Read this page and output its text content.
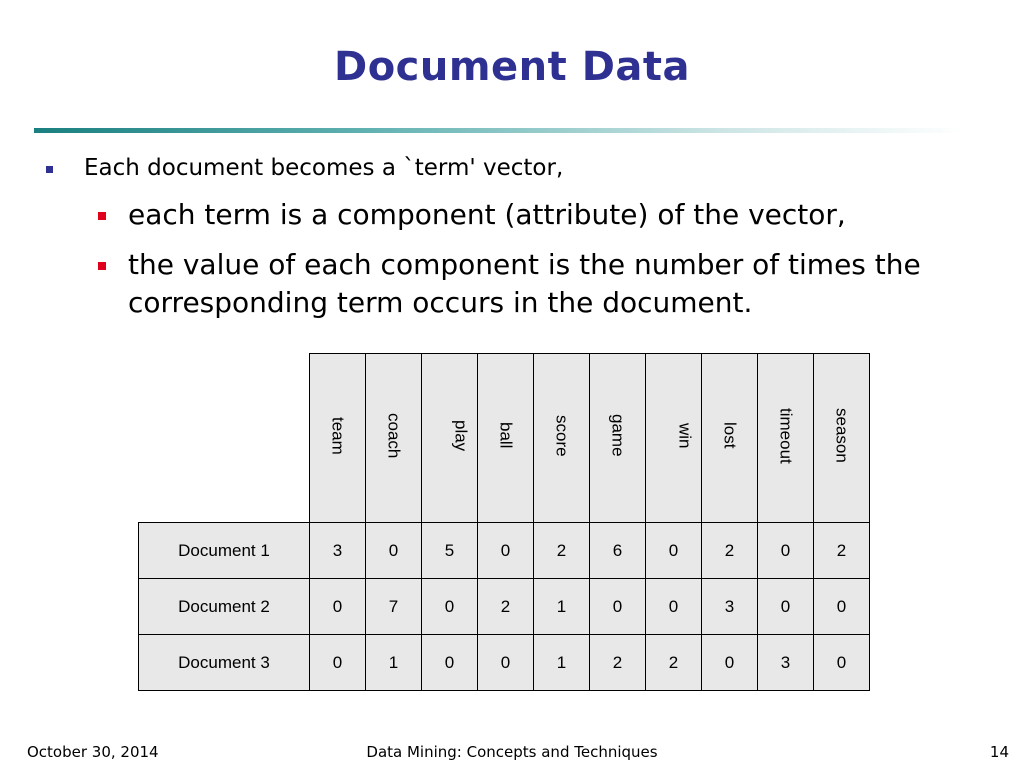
Document Data
Each document becomes a `term' vector,
each term is a component (attribute) of the vector,
the value of each component is the number of times the corresponding term occurs in the document.
	team	coach	play	ball	score	game	win	lost	timeout	season
Document 1	3	0	5	0	2	6	0	2	0	2
Document 2	0	7	0	2	1	0	0	3	0	0
Document 3	0	1	0	0	1	2	2	0	3	0
October 30, 2014	Data Mining: Concepts and Techniques	14
